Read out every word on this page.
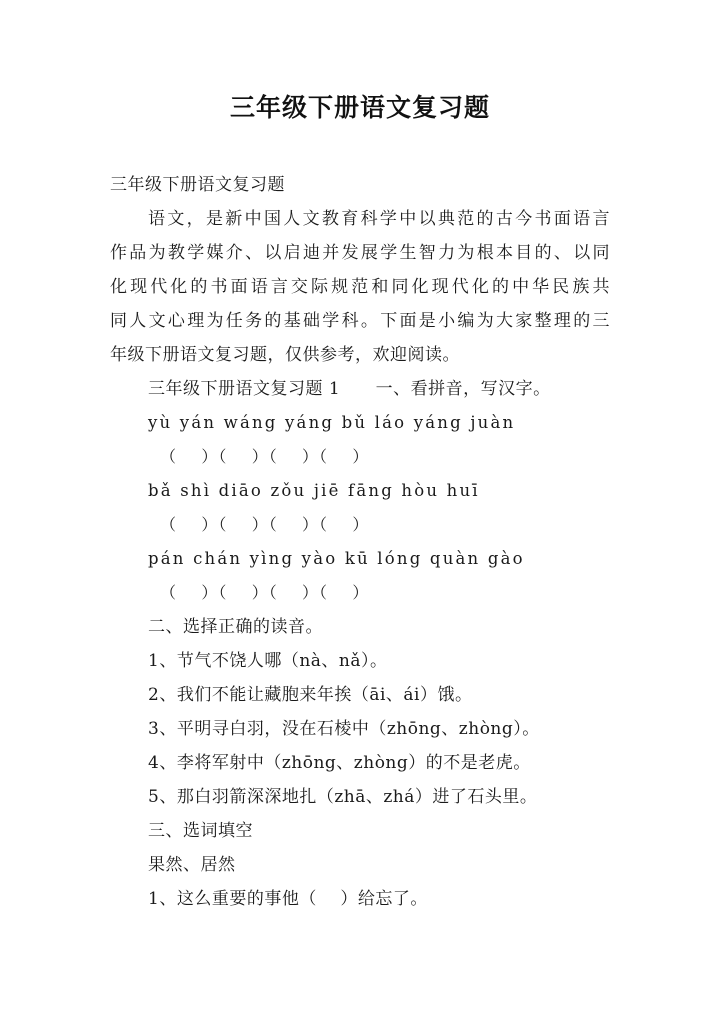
三年级下册语文复习题
三年级下册语文复习题
语文，是新中国人文教育科学中以典范的古今书面语言
作品为教学媒介、以启迪并发展学生智力为根本目的、以同
化现代化的书面语言交际规范和同化现代化的中华民族共
同人文心理为任务的基础学科。下面是小编为大家整理的三
年级下册语文复习题，仅供参考，欢迎阅读。
三年级下册语文复习题 1      一、看拼音，写汉字。
yù yán wáng yáng bǔ láo yáng juàn
（    ）（    ）（    ）（    ）
bǎ shì diāo zǒu jiē fāng hòu huī
（    ）（    ）（    ）（    ）
pán chán yìng yào kū lóng quàn gào
（    ）（    ）（    ）（    ）
二、选择正确的读音。
1、节气不饶人哪（nà、nǎ）。
2、我们不能让藏胞来年挨（āi、ái）饿。
3、平明寻白羽，没在石棱中（zhōng、zhòng）。
4、李将军射中（zhōng、zhòng）的不是老虎。
5、那白羽箭深深地扎（zhā、zhá）进了石头里。
三、选词填空
果然、居然
1、这么重要的事他（    ）给忘了。
